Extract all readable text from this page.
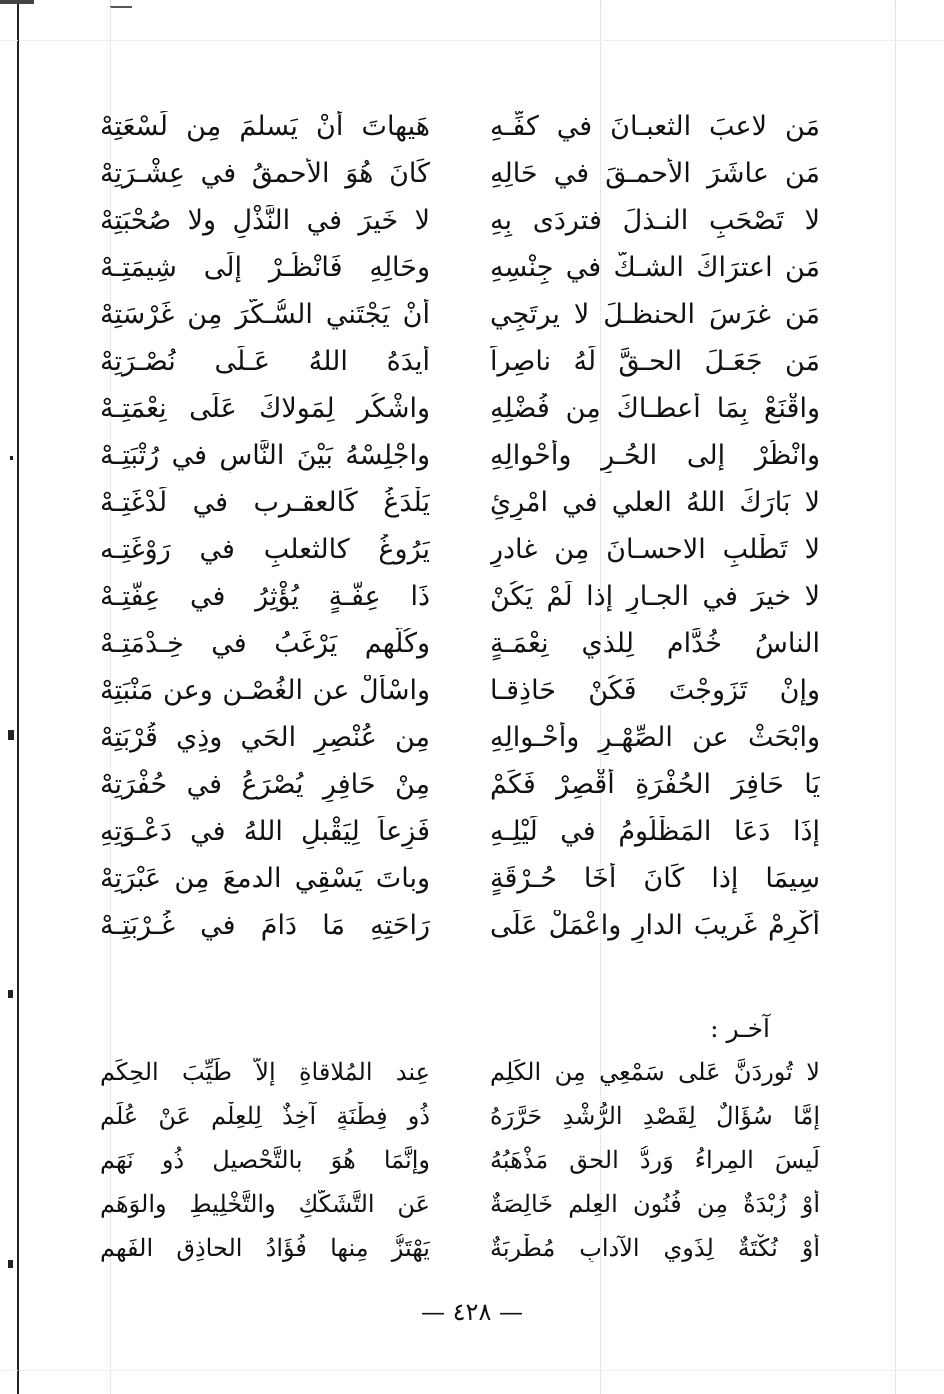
مَن لاعبَ الثعبـانَ في كفِّـهِ
هَيهاتَ أنْ يَسلمَ مِن لَسْعَتِهْ
مَن عاشَرَ الأحمـقَ في حَالِهِ
كَانَ هُوَ الأحمقُ في عِشْـرَتِهْ
لا تَصْحَبِ النـذلَ فتردَى بِهِ
لا خَيرَ في النَّذْلِ ولا صُحْبَتِهْ
مَن اعترَاكَ الشـكُّ في جِنْسِهِ
وحَالِهِ فَانْظُـرْ إلَى شِيمَتِـهْ
مَن غرَسَ الحنظـلَ لا يرتَجِي
أنْ يَجْتَني السُّـكَّرَ مِن غَرْسَتِهْ
مَن جَعَـلَ الحـقَّ لَهُ ناصِراً
أيدَهُ اللهُ عَـلَى نُصْـرَتِهْ
واقْنَعْ بِمَا أعطـاكَ مِن فُضْلِهِ
واشْكُر لِمَولاكَ عَلَى نِعْمَتِـهْ
وانْظُرْ إلى الحُـرِ وأحْوالِهِ
واجْلِسْهُ بَيْنَ النَّاسِ في رُتْبَتِـهْ
لا بَارَكَ اللهُ العلي في امْرِئٍ
يَلْدَغُ كَالعقـرب في لَدْغَتِـهْ
لا تَطْلبِ الاحسـانَ مِن غادرٍ
يَرُوغُ كالثعلبِ في رَوْغَتِـه
لا خيرَ في الجـارِ إذا لَمْ يَكُنْ
ذَا عِفَّـةٍ يُؤْثِرُ في عِفَّتِـهْ
الناسُ خُدَّام لِلذي نِعْمَـةٍ
وكُلُّهم يَرْغَبُ في خِـدْمَتِـهْ
وإنْ تَزَوجْتَ فَكُنْ حَاذِقـا
واسْألْ عن الغُصْـنِ وعن مَنْبَتِهْ
وابْحَثْ عن الصِّهْـرِ وأحْـوالِهِ
مِن عُنْصِرِ الحَي وذِي قُرْبَتِهْ
يَا حَافِرَ الحُفْرَةِ أقْصِرْ فَكَمْ
مِنْ حَافِرٍ يُصْرَعُ في حُفْرَتِهْ
إذَا دَعَا المَظْلُومُ في لَيْلِـهِ
فَزِعاً لِيَقْبلِ اللهُ في دَعْـوَتِهِ
سِيمَا إذا كَانَ أخَا حُـرْقَةٍ
وباتَ يَسْقِي الدمعَ مِن عَبْرَتِهْ
أكْرِمْ غَريبَ الدارِ واعْمَلْ عَلَى
رَاحَتِهِ مَا دَامَ في غُـرْبَتِـهْ
آخـر :
لا تُورِدَنَّ عَلى سَمْعِي مِن الكَلِمِ
عِند المُلاقاةِ إلاَّ طَيِّبَ الحِكَمِ
إمَّا سُؤَالٌ لِقَصْدِ الرُّشْدِ حَرَّرَهُ
ذُو فِطْنَةٍ آخِذٌ لِلعِلْمِ عَنْ عُلَمِ
لَيسَ المِراءُ وَرِدُّ الحق مَذْهَبُهُ
وإنَّمَا هُوَ بالتَّحْصيلِ ذُو نَهَمِ
أوْ زُبْدَةٌ مِن فُنُونِ العِلمِ خَالِصَةٌ
عَنِ التَّشَكُّكِ والتَّخْلِيطِ والوَهَمِ
أوْ نُكْتَةٌ لِذَوِي الآدابِ مُطْرِبَةٌ
يَهْتَزُّ مِنها فُؤَادُ الحاذِقِ الفَهِمِ
— ٤٢٨ —
